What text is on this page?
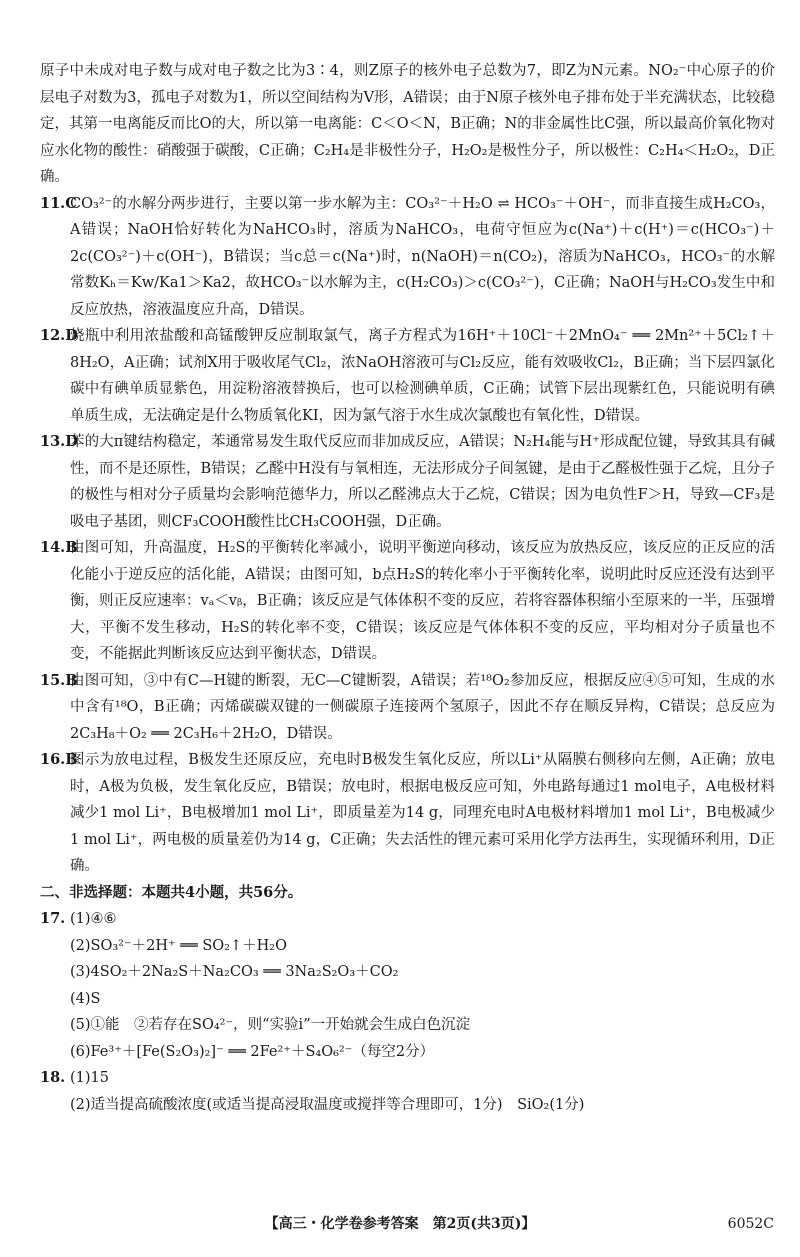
原子中未成对电子数与成对电子数之比为3∶4，则Z原子的核外电子总数为7，即Z为N元素。NO₂⁻中心原子的价层电子对数为3，孤电子对数为1，所以空间结构为V形，A错误；由于N原子核外电子排布处于半充满状态，比较稳定，其第一电离能反而比O的大，所以第一电离能：C＜O＜N，B正确；N的非金属性比C强，所以最高价氧化物对应水化物的酸性：硝酸强于碳酸，C正确；C₂H₄是非极性分子，H₂O₂是极性分子，所以极性：C₂H₄＜H₂O₂，D正确。

11.C
CO₃²⁻的水解分两步进行，主要以第一步水解为主：CO₃²⁻＋H₂O ⇌ HCO₃⁻＋OH⁻，而非直接生成H₂CO₃，A错误；NaOH恰好转化为NaHCO₃时，溶质为NaHCO₃，电荷守恒应为c(Na⁺)＋c(H⁺)＝c(HCO₃⁻)＋2c(CO₃²⁻)＋c(OH⁻)，B错误；当c总＝c(Na⁺)时，n(NaOH)＝n(CO₂)，溶质为NaHCO₃，HCO₃⁻的水解常数Kₕ＝Kw/Ka1＞Ka2，故HCO₃⁻以水解为主，c(H₂CO₃)＞c(CO₃²⁻)，C正确；NaOH与H₂CO₃发生中和反应放热，溶液温度应升高，D错误。
12.D
烧瓶中利用浓盐酸和高锰酸钾反应制取氯气，离子方程式为16H⁺＋10Cl⁻＋2MnO₄⁻ ══ 2Mn²⁺＋5Cl₂↑＋8H₂O，A正确；试剂X用于吸收尾气Cl₂，浓NaOH溶液可与Cl₂反应，能有效吸收Cl₂，B正确；当下层四氯化碳中有碘单质显紫色，用淀粉溶液替换后，也可以检测碘单质，C正确；试管下层出现紫红色，只能说明有碘单质生成，无法确定是什么物质氧化KI，因为氯气溶于水生成次氯酸也有氧化性，D错误。
13.D
苯的大π键结构稳定，苯通常易发生取代反应而非加成反应，A错误；N₂H₄能与H⁺形成配位键，导致其具有碱性，而不是还原性，B错误；乙醛中H没有与氧相连，无法形成分子间氢键，是由于乙醛极性强于乙烷，且分子的极性与相对分子质量均会影响范德华力，所以乙醛沸点大于乙烷，C错误；因为电负性F＞H，导致—CF₃是吸电子基团，则CF₃COOH酸性比CH₃COOH强，D正确。
14.B
由图可知，升高温度，H₂S的平衡转化率减小，说明平衡逆向移动，该反应为放热反应，该反应的正反应的活化能小于逆反应的活化能，A错误；由图可知，b点H₂S的转化率小于平衡转化率，说明此时反应还没有达到平衡，则正反应速率：vₐ＜vᵦ，B正确；该反应是气体体积不变的反应，若将容器体积缩小至原来的一半，压强增大，平衡不发生移动，H₂S的转化率不变，C错误；该反应是气体体积不变的反应，平均相对分子质量也不变，不能据此判断该反应达到平衡状态，D错误。
15.B
由图可知，③中有C—H键的断裂，无C—C键断裂，A错误；若¹⁸O₂参加反应，根据反应④⑤可知，生成的水中含有¹⁸O，B正确；丙烯碳碳双键的一侧碳原子连接两个氢原子，因此不存在顺反异构，C错误；总反应为2C₃H₈＋O₂ ══ 2C₃H₆＋2H₂O，D错误。
16.B
图示为放电过程，B极发生还原反应，充电时B极发生氧化反应，所以Li⁺从隔膜右侧移向左侧，A正确；放电时，A极为负极，发生氧化反应，B错误；放电时，根据电极反应可知，外电路每通过1 mol电子，A电极材料减少1 mol Li⁺，B电极增加1 mol Li⁺，即质量差为14 g，同理充电时A电极材料增加1 mol Li⁺，B电极减少1 mol Li⁺，两电极的质量差仍为14 g，C正确；失去活性的锂元素可采用化学方法再生，实现循环利用，D正确。

二、非选择题：本题共4小题，共56分。

17. (1)④⑥
(2)SO₃²⁻＋2H⁺ ══ SO₂↑＋H₂O
(3)4SO₂＋2Na₂S＋Na₂CO₃ ══ 3Na₂S₂O₃＋CO₂
(4)S
(5)①能　②若存在SO₄²⁻，则“实验ⅰ”一开始就会生成白色沉淀
(6)Fe³⁺＋[Fe(S₂O₃)₂]⁻ ══ 2Fe²⁺＋S₄O₆²⁻（每空2分）
18. (1)15
(2)适当提高硫酸浓度(或适当提高浸取温度或搅拌等合理即可，1分)　SiO₂(1分)
【高三・化学卷参考答案　第2页(共3页)】	6052C
